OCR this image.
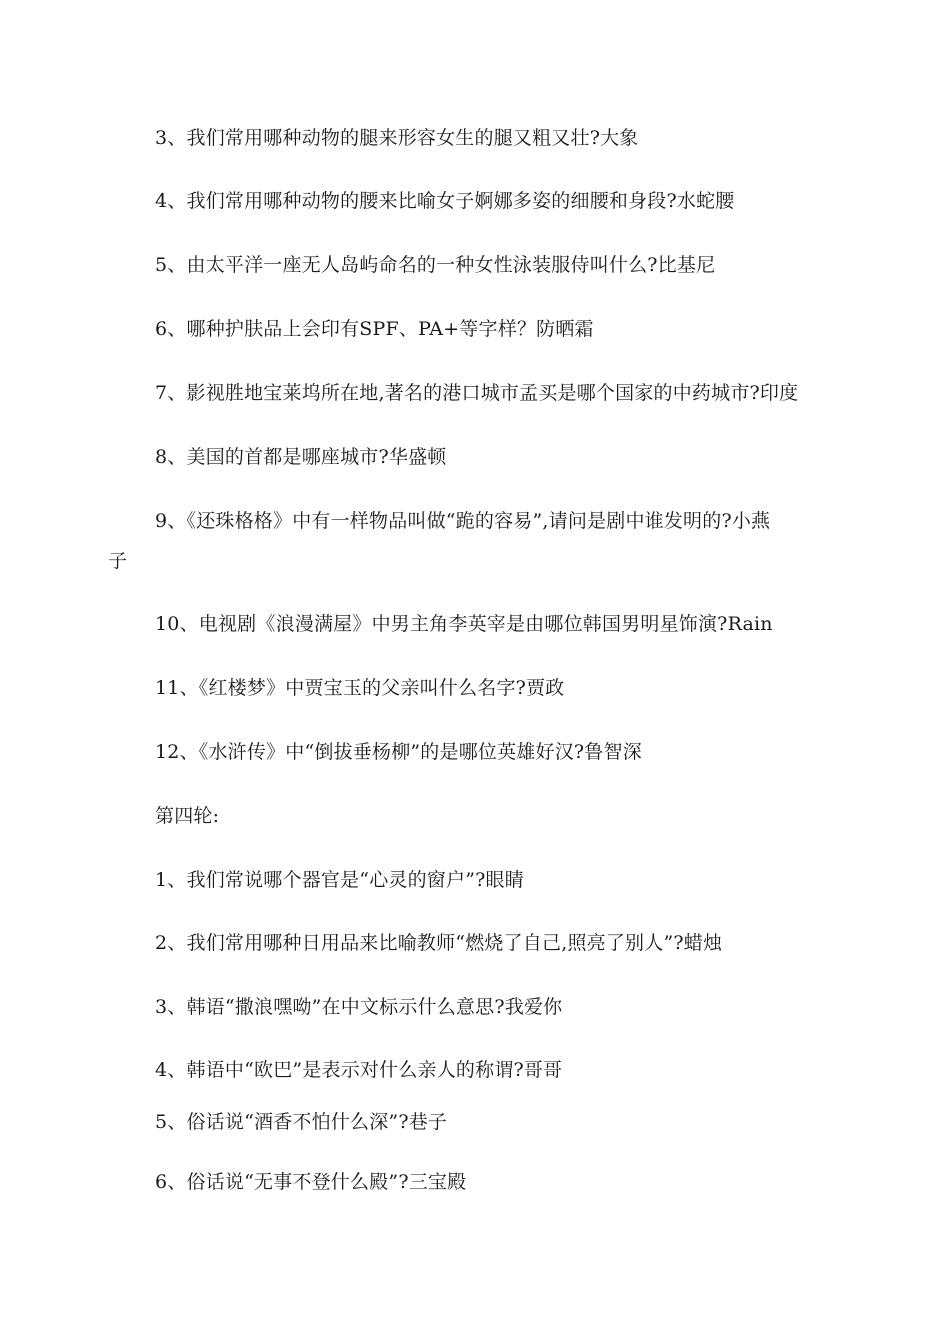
3、我们常用哪种动物的腿来形容女生的腿又粗又壮?大象
4、我们常用哪种动物的腰来比喻女子婀娜多姿的细腰和身段?水蛇腰
5、由太平洋一座无人岛屿命名的一种女性泳装服侍叫什么?比基尼
6、哪种护肤品上会印有SPF、PA+等字样？防晒霜
7、影视胜地宝莱坞所在地,著名的港口城市孟买是哪个国家的中药城市?印度
8、美国的首都是哪座城市?华盛顿
9、《还珠格格》中有一样物品叫做“跪的容易”,请问是剧中谁发明的?小燕
子
10、电视剧《浪漫满屋》中男主角李英宰是由哪位韩国男明星饰演?Rain
11、《红楼梦》中贾宝玉的父亲叫什么名字?贾政
12、《水浒传》中“倒拔垂杨柳”的是哪位英雄好汉?鲁智深
第四轮:
1、我们常说哪个器官是“心灵的窗户”?眼睛
2、我们常用哪种日用品来比喻教师“燃烧了自己,照亮了别人”?蜡烛
3、韩语“撒浪嘿呦”在中文标示什么意思?我爱你
4、韩语中“欧巴”是表示对什么亲人的称谓?哥哥
5、俗话说“酒香不怕什么深”?巷子
6、俗话说“无事不登什么殿”?三宝殿
